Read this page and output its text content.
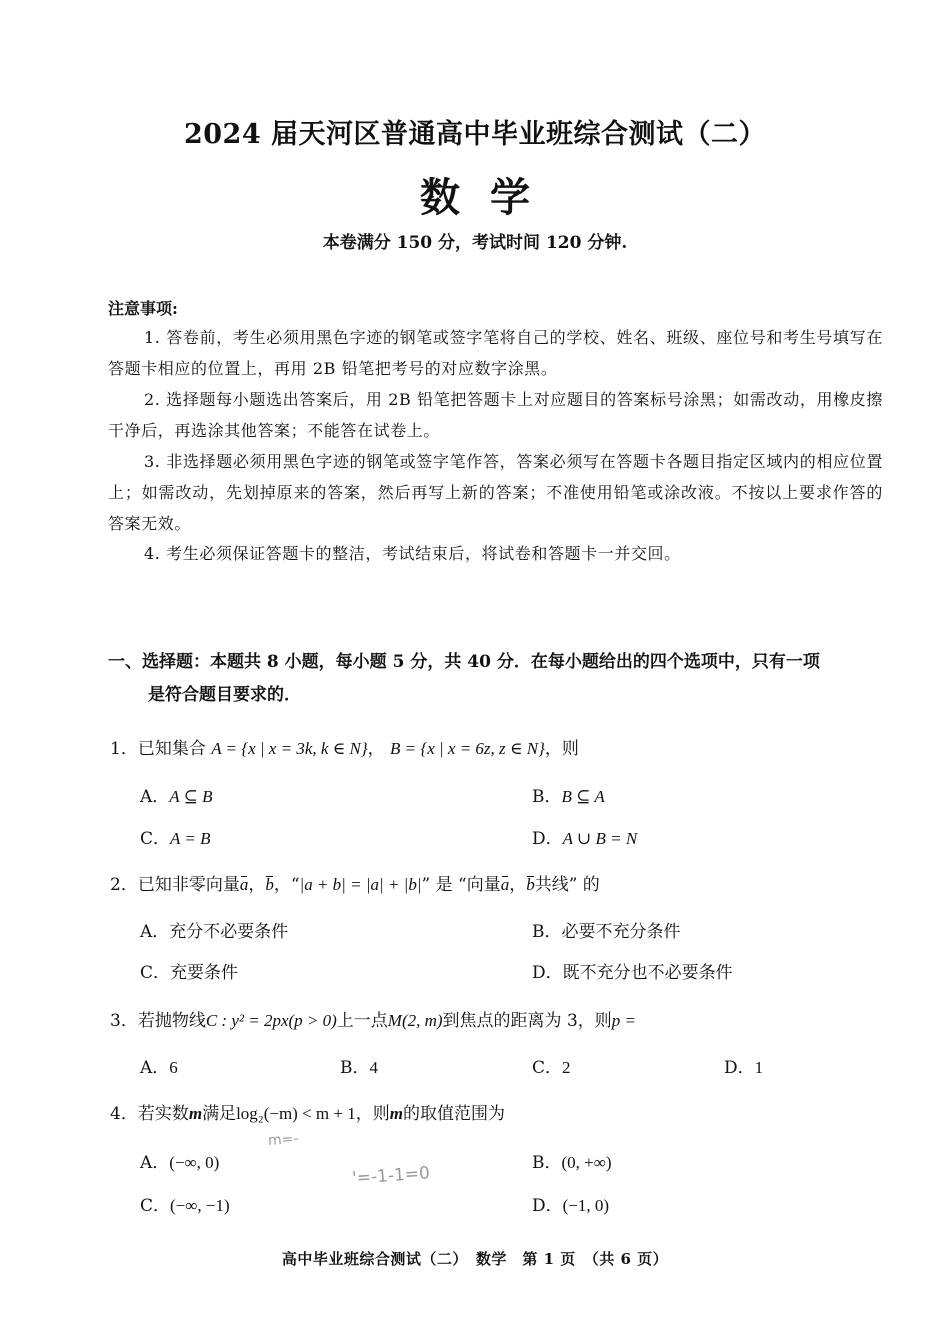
2024 届天河区普通高中毕业班综合测试（二）
数学
本卷满分 150 分，考试时间 120 分钟.
注意事项:
1. 答卷前，考生必须用黑色字迹的钢笔或签字笔将自己的学校、姓名、班级、座位号和考生号填写在答题卡相应的位置上，再用 2B 铅笔把考号的对应数字涂黑。
2. 选择题每小题选出答案后，用 2B 铅笔把答题卡上对应题目的答案标号涂黑；如需改动，用橡皮擦干净后，再选涂其他答案；不能答在试卷上。
3. 非选择题必须用黑色字迹的钢笔或签字笔作答，答案必须写在答题卡各题目指定区域内的相应位置上；如需改动，先划掉原来的答案，然后再写上新的答案；不准使用铅笔或涂改液。不按以上要求作答的答案无效。
4. 考生必须保证答题卡的整洁，考试结束后，将试卷和答题卡一并交回。
一、选择题：本题共 8 小题，每小题 5 分，共 40 分．在每小题给出的四个选项中，只有一项
是符合题目要求的．
1．已知集合 A = {x | x = 3k, k ∈ N}， B = {x | x = 6z, z ∈ N}，则
A．A ⊆ B	B．B ⊆ A
C．A = B	D．A ∪ B = N
2．已知非零向量a，b，“|a + b| = |a| + |b|” 是 “向量a，b共线” 的
A．充分不必要条件	B．必要不充分条件
C．充要条件	D．既不充分也不必要条件
3．若抛物线C : y² = 2px(p > 0)上一点M(2, m)到焦点的距离为 3，则p =
A．6	B．4	C．2	D．1
4．若实数m满足log₂(−m) < m + 1，则m的取值范围为
A．(−∞, 0)	B．(0, +∞)
C．(−∞, −1)	D．(−1, 0)
m=-
'=-1-1=0
高中毕业班综合测试（二）　数学　第 1 页　（共 6 页）
